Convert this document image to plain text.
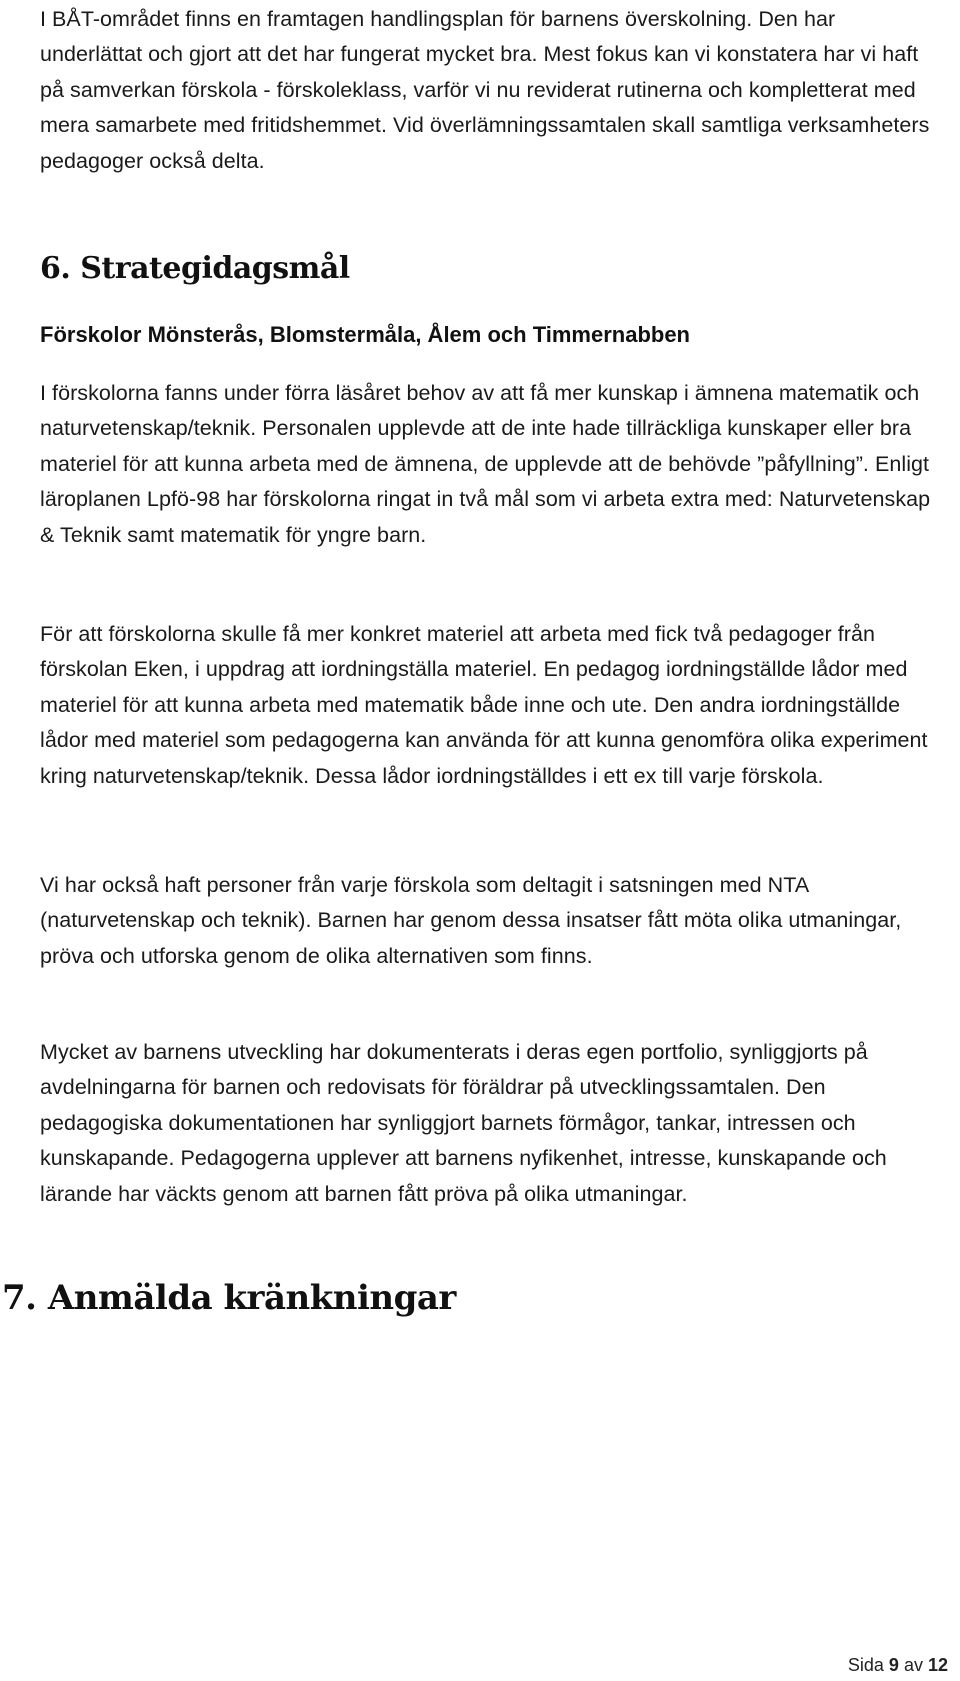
I BÅT-området finns en framtagen handlingsplan för barnens överskolning. Den har underlättat och gjort att det har fungerat mycket bra. Mest fokus kan vi konstatera har vi haft på samverkan förskola - förskoleklass, varför vi nu reviderat rutinerna och kompletterat med mera samarbete med fritidshemmet. Vid överlämningssamtalen skall samtliga verksamheters pedagoger också delta.

6. Strategidagsmål
Förskolor Mönsterås, Blomstermåla, Ålem och Timmernabben

I förskolorna fanns under förra läsåret behov av att få mer kunskap i ämnena matematik och naturvetenskap/teknik. Personalen upplevde att de inte hade tillräckliga kunskaper eller bra materiel för att kunna arbeta med de ämnena, de upplevde att de behövde ”påfyllning”. Enligt läroplanen Lpfö-98 har förskolorna ringat in två mål som vi arbeta extra med: Naturvetenskap & Teknik samt matematik för yngre barn.

För att förskolorna skulle få mer konkret materiel att arbeta med fick två pedagoger från förskolan Eken, i uppdrag att iordningställa materiel. En pedagog iordningställde lådor med materiel för att kunna arbeta med matematik både inne och ute. Den andra iordningställde lådor med materiel som pedagogerna kan använda för att kunna genomföra olika experiment kring naturvetenskap/teknik. Dessa lådor iordningställdes i ett ex till varje förskola.

Vi har också haft personer från varje förskola som deltagit i satsningen med NTA (naturvetenskap och teknik). Barnen har genom dessa insatser fått möta olika utmaningar, pröva och utforska genom de olika alternativen som finns.

Mycket av barnens utveckling har dokumenterats i deras egen portfolio, synliggjorts på avdelningarna för barnen och redovisats för föräldrar på utvecklingssamtalen. Den pedagogiska dokumentationen har synliggjort barnets förmågor, tankar, intressen och kunskapande. Pedagogerna upplever att barnens nyfikenhet, intresse, kunskapande och lärande har väckts genom att barnen fått pröva på olika utmaningar.

7. Anmälda kränkningar
Sida 9 av 12
